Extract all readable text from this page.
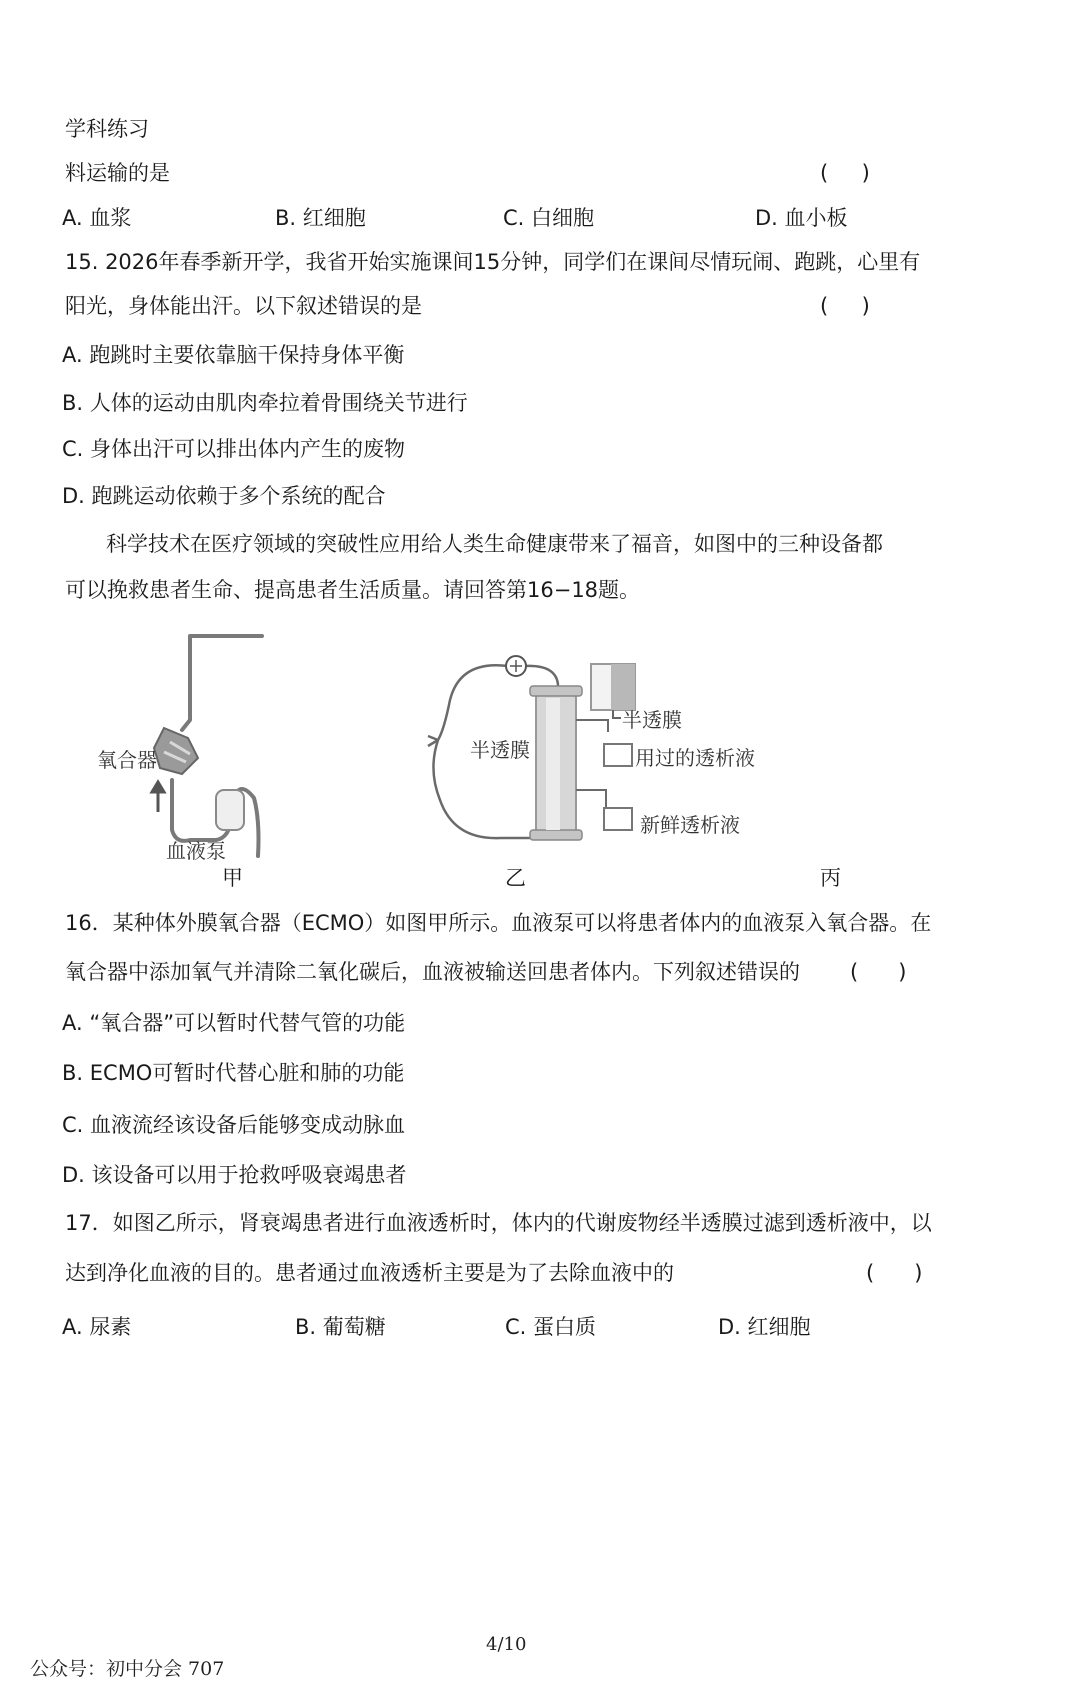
学科练习
料运输的是	(     )
A. 血浆	B. 红细胞	C. 白细胞	D. 血小板
15. 2026年春季新开学，我省开始实施课间15分钟，同学们在课间尽情玩闹、跑跳，心里有
阳光，身体能出汗。以下叙述错误的是	(     )
A. 跑跳时主要依靠脑干保持身体平衡
B. 人体的运动由肌肉牵拉着骨围绕关节进行
C. 身体出汗可以排出体内产生的废物
D. 跑跳运动依赖于多个系统的配合
科学技术在医疗领域的突破性应用给人类生命健康带来了福音，如图中的三种设备都
可以挽救患者生命、提高患者生活质量。请回答第16−18题。
氧合器
血液泵
半透膜	用过的透析液
新鲜透析液
半透膜
甲	乙	丙
16．某种体外膜氧合器（ECMO）如图甲所示。血液泵可以将患者体内的血液泵入氧合器。在
氧合器中添加氧气并清除二氧化碳后，血液被输送回患者体内。下列叙述错误的 (      )
A. “氧合器”可以暂时代替气管的功能
B. ECMO可暂时代替心脏和肺的功能
C. 血液流经该设备后能够变成动脉血
D. 该设备可以用于抢救呼吸衰竭患者
17．如图乙所示，肾衰竭患者进行血液透析时，体内的代谢废物经半透膜过滤到透析液中，以
达到净化血液的目的。患者通过血液透析主要是为了去除血液中的	(      )
A. 尿素	B. 葡萄糖	C. 蛋白质	D. 红细胞
公众号：初中分会 707
4/10
